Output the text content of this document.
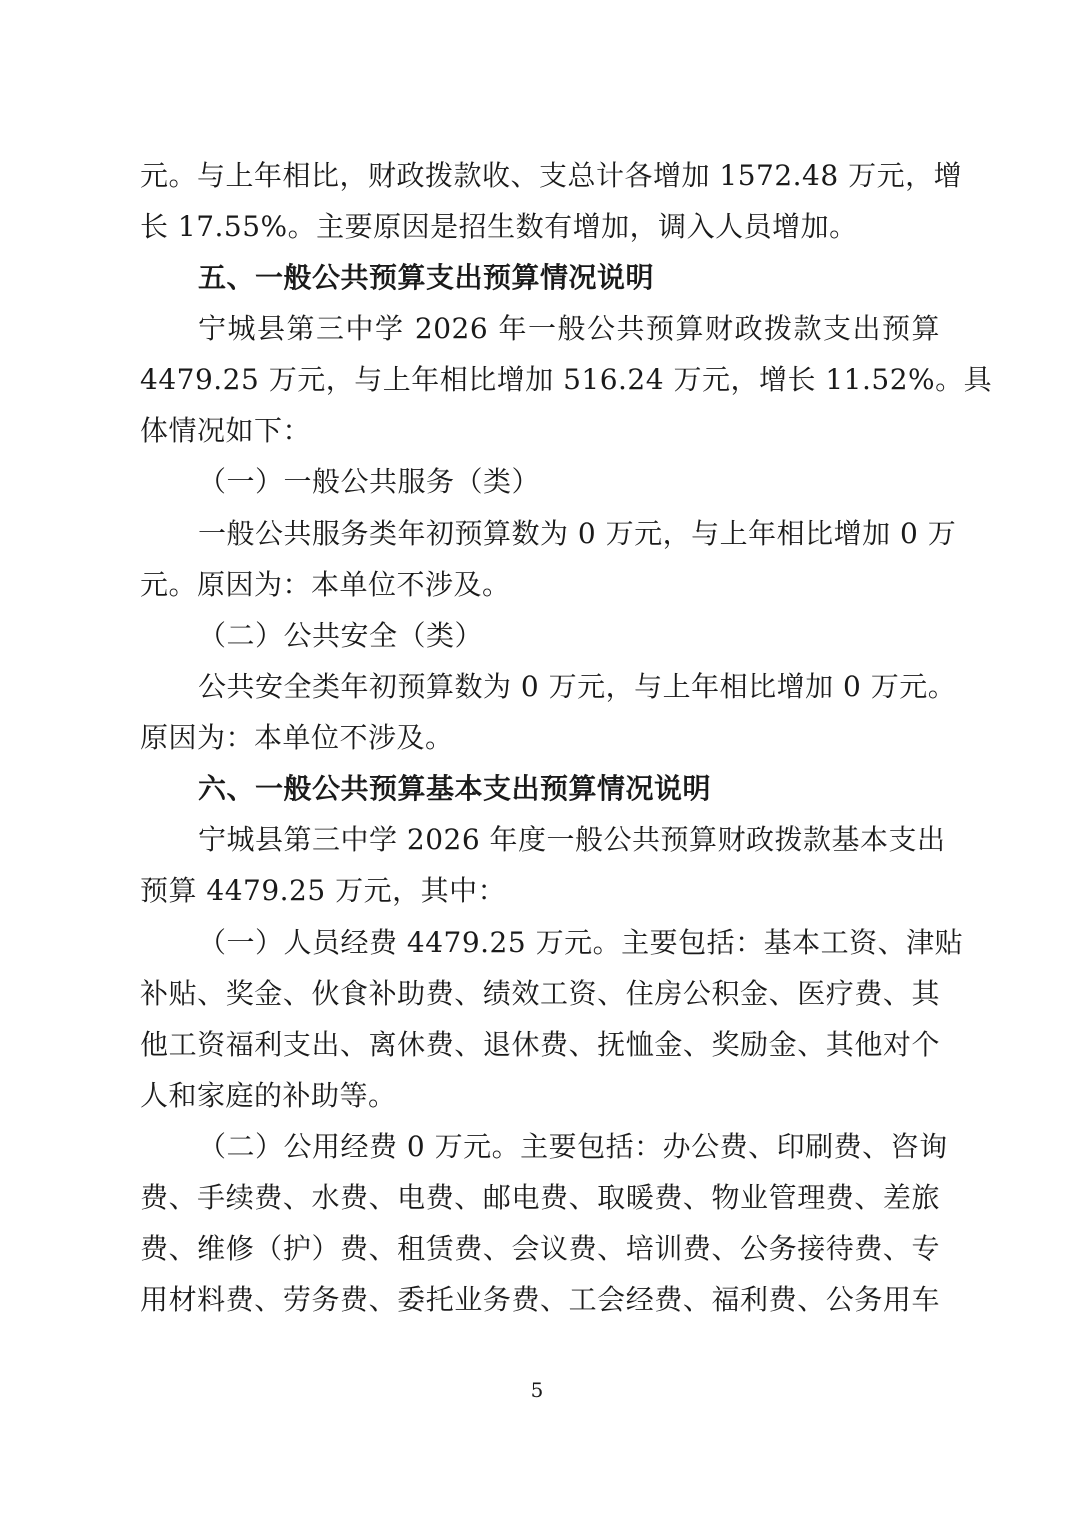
元。与上年相比，财政拨款收、支总计各增加 1572.48 万元，增
长 17.55%。主要原因是招生数有增加，调入人员增加。
五、一般公共预算支出预算情况说明
宁城县第三中学 2026 年一般公共预算财政拨款支出预算
4479.25 万元，与上年相比增加 516.24 万元，增长 11.52%。具
体情况如下：
（一）一般公共服务（类）
一般公共服务类年初预算数为 0 万元，与上年相比增加 0 万
元。原因为：本单位不涉及。
（二）公共安全（类）
公共安全类年初预算数为 0 万元，与上年相比增加 0 万元。
原因为：本单位不涉及。
六、一般公共预算基本支出预算情况说明
宁城县第三中学 2026 年度一般公共预算财政拨款基本支出
预算 4479.25 万元，其中：
（一）人员经费 4479.25 万元。主要包括：基本工资、津贴
补贴、奖金、伙食补助费、绩效工资、住房公积金、医疗费、其
他工资福利支出、离休费、退休费、抚恤金、奖励金、其他对个
人和家庭的补助等。
（二）公用经费 0 万元。主要包括：办公费、印刷费、咨询
费、手续费、水费、电费、邮电费、取暖费、物业管理费、差旅
费、维修（护）费、租赁费、会议费、培训费、公务接待费、专
用材料费、劳务费、委托业务费、工会经费、福利费、公务用车
5
